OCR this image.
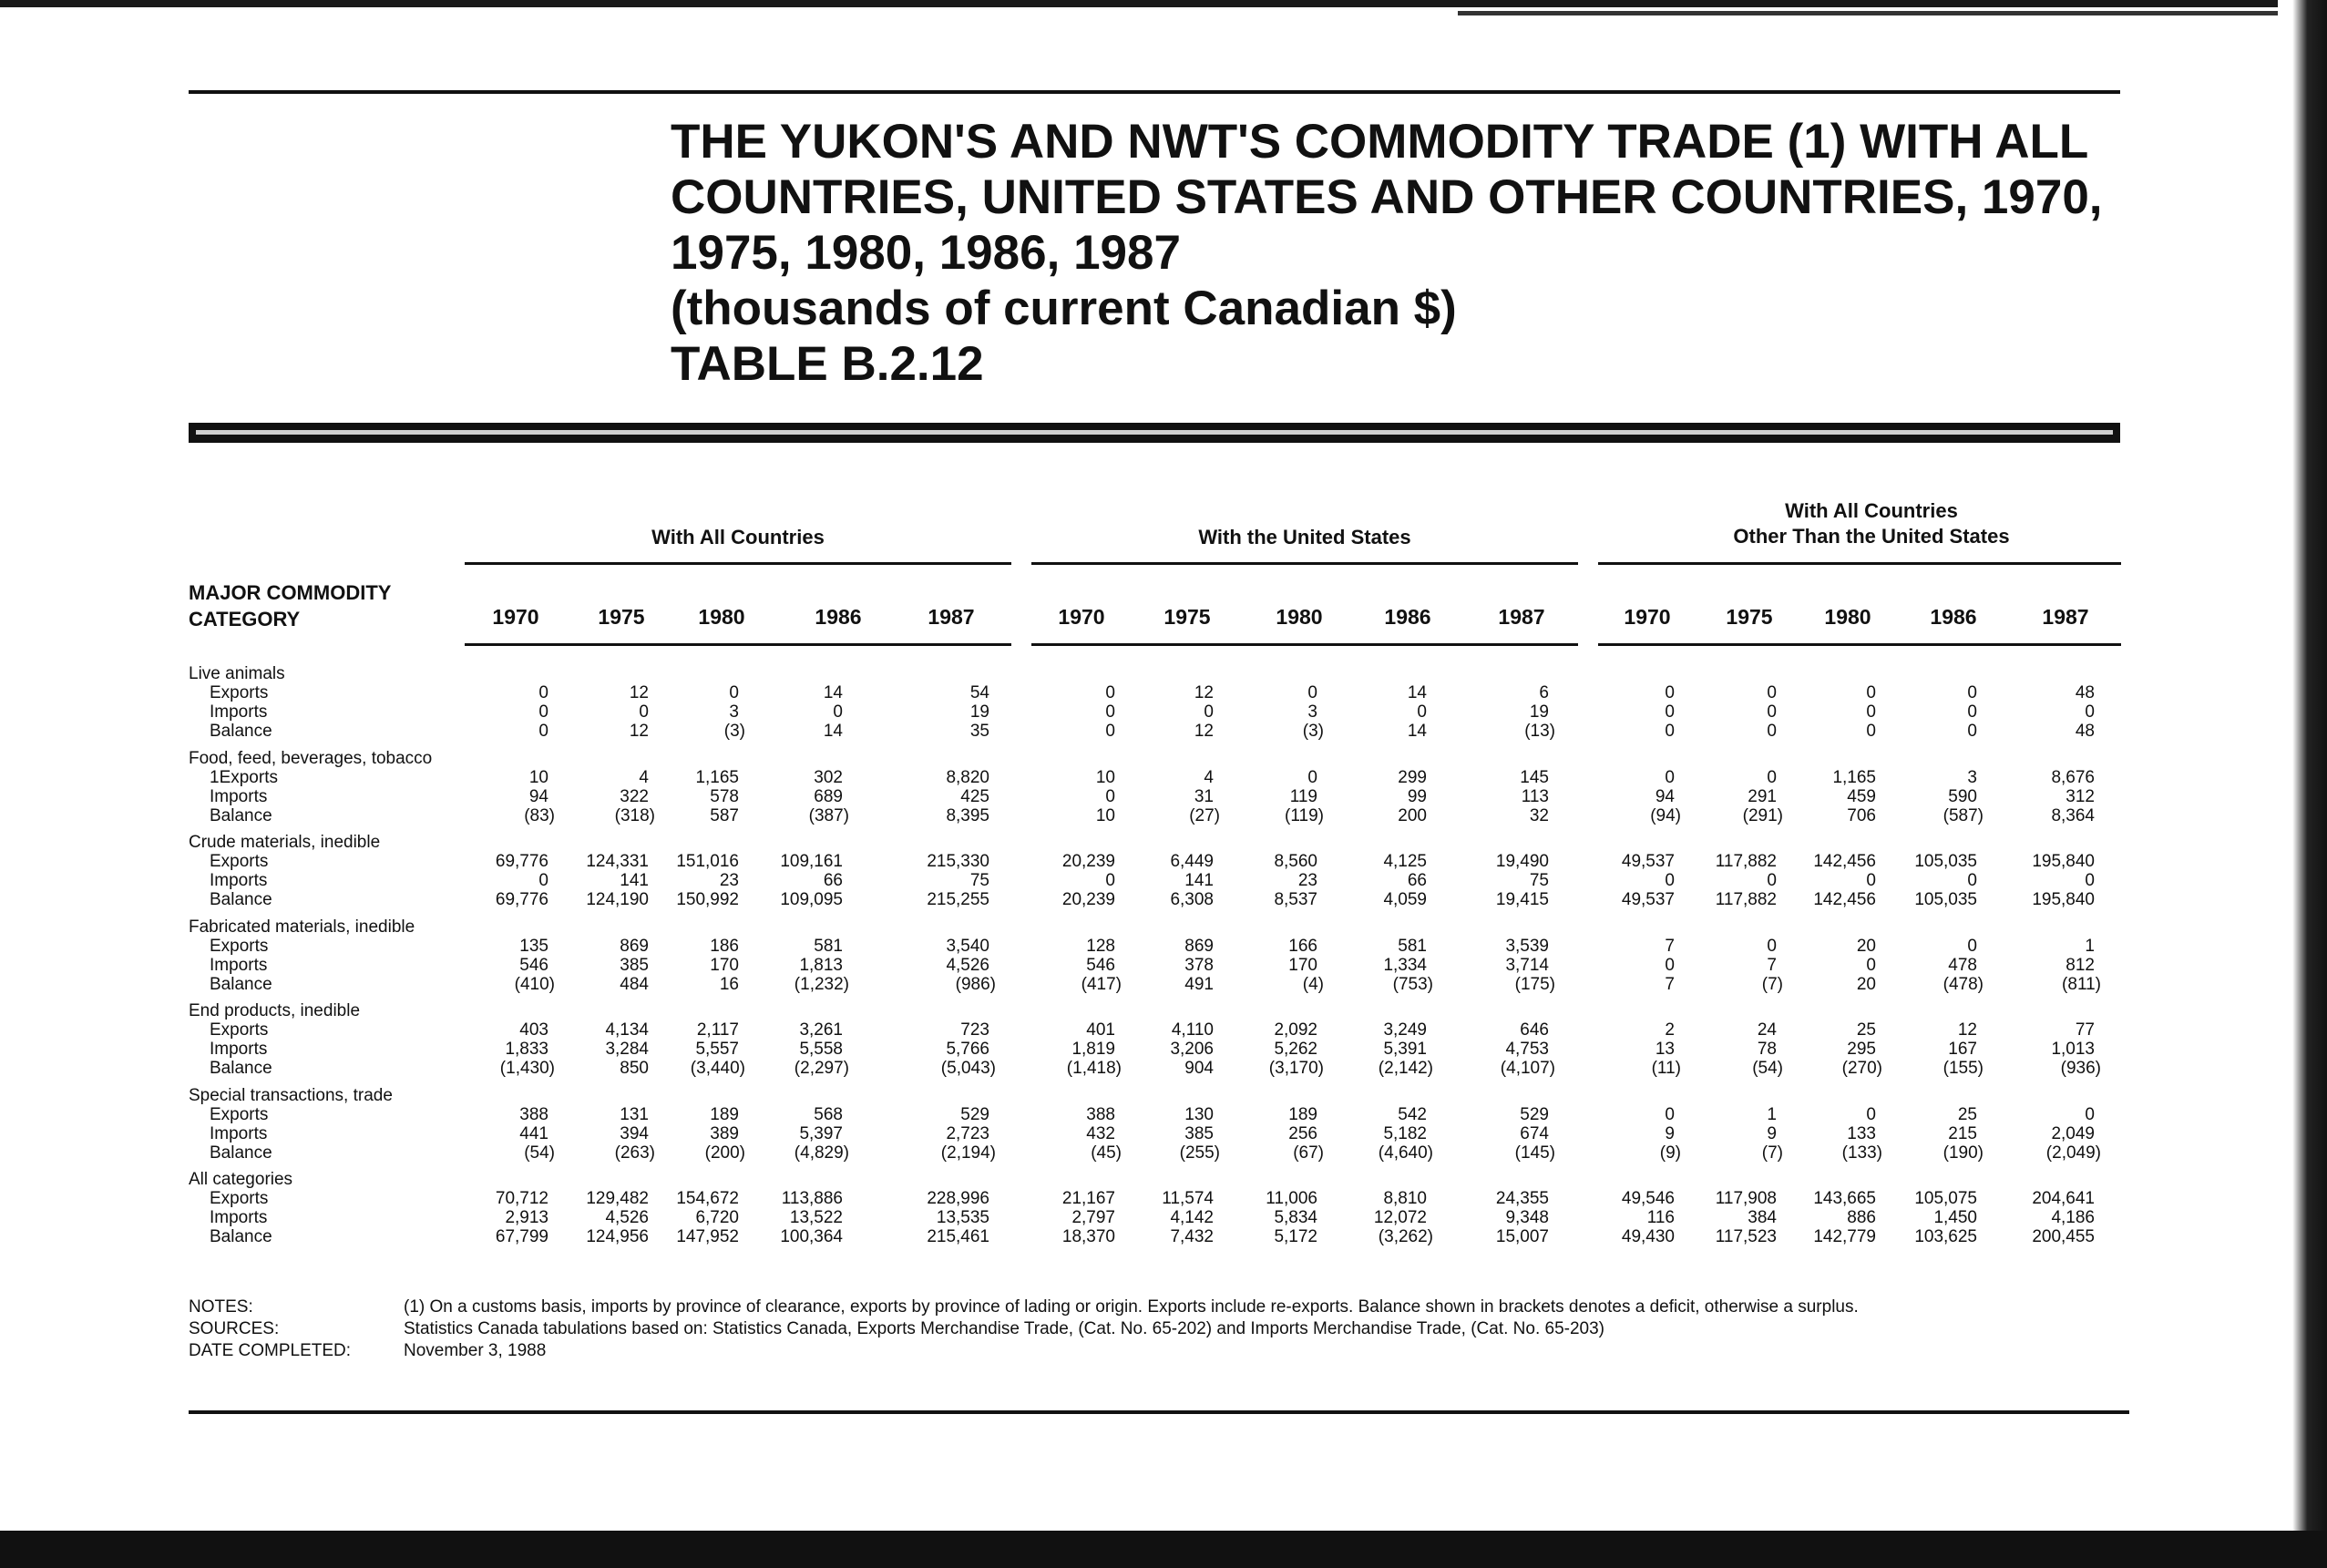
THE YUKON'S AND NWT'S COMMODITY TRADE (1) WITH ALL
COUNTRIES, UNITED STATES AND OTHER COUNTRIES, 1970,
1975, 1980, 1986, 1987
(thousands of current Canadian $)
TABLE B.2.12
With All Countries	With the United States
With All Countries
Other Than the United States
MAJOR COMMODITY
CATEGORY	1970	1975	1980	1986	1987	1970	1975	1980	1986	1987	1970	1975	1980	1986	1987
Live animals
Exports	0	12	0	14	54	0	12	0	14	6	0	0	0	0	48
Imports	0	0	3	0	19	0	0	3	0	19	0	0	0	0	0
Balance	0	12	(3)	14	35	0	12	(3)	14	(13)	0	0	0	0	48
Food, feed, beverages, tobacco
1Exports	10	4	1,165	302	8,820	10	4	0	299	145	0	0	1,165	3	8,676
Imports	94	322	578	689	425	0	31	119	99	113	94	291	459	590	312
Balance	(83)	(318)	587	(387)	8,395	10	(27)	(119)	200	32	(94)	(291)	706	(587)	8,364
Crude materials, inedible
Exports	69,776	124,331	151,016	109,161	215,330	20,239	6,449	8,560	4,125	19,490	49,537	117,882	142,456	105,035	195,840
Imports	0	141	23	66	75	0	141	23	66	75	0	0	0	0	0
Balance	69,776	124,190	150,992	109,095	215,255	20,239	6,308	8,537	4,059	19,415	49,537	117,882	142,456	105,035	195,840
Fabricated materials, inedible
Exports	135	869	186	581	3,540	128	869	166	581	3,539	7	0	20	0	1
Imports	546	385	170	1,813	4,526	546	378	170	1,334	3,714	0	7	0	478	812
Balance	(410)	484	16	(1,232)	(986)	(417)	491	(4)	(753)	(175)	7	(7)	20	(478)	(811)
End products, inedible
Exports	403	4,134	2,117	3,261	723	401	4,110	2,092	3,249	646	2	24	25	12	77
Imports	1,833	3,284	5,557	5,558	5,766	1,819	3,206	5,262	5,391	4,753	13	78	295	167	1,013
Balance	(1,430)	850	(3,440)	(2,297)	(5,043)	(1,418)	904	(3,170)	(2,142)	(4,107)	(11)	(54)	(270)	(155)	(936)
Special transactions, trade
Exports	388	131	189	568	529	388	130	189	542	529	0	1	0	25	0
Imports	441	394	389	5,397	2,723	432	385	256	5,182	674	9	9	133	215	2,049
Balance	(54)	(263)	(200)	(4,829)	(2,194)	(45)	(255)	(67)	(4,640)	(145)	(9)	(7)	(133)	(190)	(2,049)
All categories
Exports	70,712	129,482	154,672	113,886	228,996	21,167	11,574	11,006	8,810	24,355	49,546	117,908	143,665	105,075	204,641
Imports	2,913	4,526	6,720	13,522	13,535	2,797	4,142	5,834	12,072	9,348	116	384	886	1,450	4,186
Balance	67,799	124,956	147,952	100,364	215,461	18,370	7,432	5,172	(3,262)	15,007	49,430	117,523	142,779	103,625	200,455
NOTES:	(1) On a customs basis, imports by province of clearance, exports by province of lading or origin. Exports include re-exports. Balance shown in brackets denotes a deficit, otherwise a surplus.
SOURCES:	Statistics Canada tabulations based on: Statistics Canada, Exports Merchandise Trade, (Cat. No. 65-202) and Imports Merchandise Trade, (Cat. No. 65-203)
DATE COMPLETED:	November 3, 1988
